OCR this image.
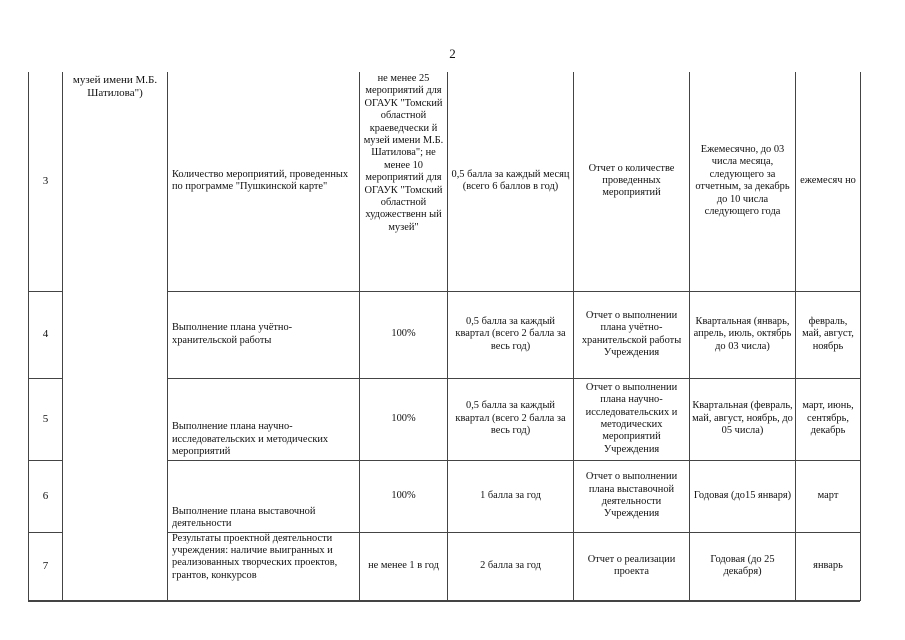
2
3	музей имени М.Б. Шатилова")	Количество мероприятий, проведенных по программе "Пушкинской карте"	не менее 25 мероприятий для ОГАУК "Томский областной краеведчески й музей имени М.Б. Шатилова"; не менее 10 мероприятий для ОГАУК "Томский областной художественн ый музей"	0,5 балла за каждый месяц (всего 6 баллов в год)	Отчет о количестве проведенных мероприятий	Ежемесячно, до 03 числа месяца, следующего за отчетным, за декабрь до 10 числа следующего года	ежемесяч но
4		Выполнение плана учётно-хранительской работы	100%	0,5 балла за каждый квартал (всего 2 балла за весь год)	Отчет о выполнении плана учётно-хранительской работы Учреждения	Квартальная (январь, апрель, июль, октябрь до 03 числа)	февраль, май, август, ноябрь
5		Выполнение плана научно-исследовательских и методических мероприятий	100%	0,5 балла за каждый квартал (всего 2 балла за весь год)	Отчет о выполнении плана научно-исследовательских и методических мероприятий Учреждения	Квартальная (февраль, май, август, ноябрь, до 05 числа)	март, июнь, сентябрь, декабрь
6		Выполнение плана выставочной деятельности	100%	1 балла за год	Отчет о выполнении плана выставочной деятельности Учреждения	Годовая (до15 января)	март
7		Результаты проектной деятельности учреждения: наличие выигранных и реализованных творческих проектов, грантов, конкурсов	не менее 1 в год	2 балла за год	Отчет о реализации проекта	Годовая (до 25 декабря)	январь
